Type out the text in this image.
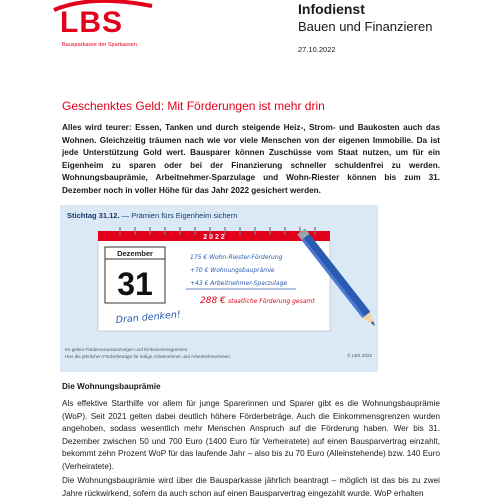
LBS
Bausparkasse der Sparkassen
Infodienst
Bauen und Finanzieren
27.10.2022
Geschenktes Geld: Mit Förderungen ist mehr drin
Alles wird teurer: Essen, Tanken und durch steigende Heiz-, Strom- und Baukosten auch das Wohnen. Gleichzeitig träumen nach wie vor viele Menschen von der eigenen Immobilie. Da ist jede Unterstützung Gold wert. Bausparer können Zuschüsse vom Staat nutzen, um für ein Eigenheim zu sparen oder bei der Finanzierung schneller schuldenfrei zu werden. Wohnungsbauprämie, Arbeitnehmer-Sparzulage und Wohn-Riester können bis zum 31. Dezember noch in voller Höhe für das Jahr 2022 gesichert werden.
Stichtag 31.12. — Prämien fürs Eigenheim sichern
2 0 2 2
Dezember
31
Dran denken!
175 € Wohn-Riester-Förderung
+70 € Wohnungsbauprämie
+43 € Arbeitnehmer-Sparzulage
288 € staatliche Förderung gesamt
Es gelten Fördervoraussetzungen und Einkommensgrenzen.
Hier die jährlichen Förderbeträge für ledige Arbeitnehmer und Arbeitnehmerinnen.	© LBS 2022
Die Wohnungsbauprämie
Als effektive Starthilfe vor allem für junge Sparerinnen und Sparer gibt es die Wohnungsbauprämie (WoP). Seit 2021 gelten dabei deutlich höhere Förderbeträge. Auch die Einkommensgrenzen wurden angehoben, sodass wesentlich mehr Menschen Anspruch auf die Förderung haben. Wer bis 31. Dezember zwischen 50 und 700 Euro (1400 Euro für Verheiratete) auf einen Bausparvertrag einzahlt, bekommt zehn Prozent WoP für das laufende Jahr – also bis zu 70 Euro (Alleinstehende) bzw. 140 Euro (Verheiratete).
Die Wohnungsbauprämie wird über die Bausparkasse jährlich beantragt – möglich ist das bis zu zwei Jahre rückwirkend, sofern da auch schon auf einen Bausparvertrag eingezahlt wurde. WoP erhalten
